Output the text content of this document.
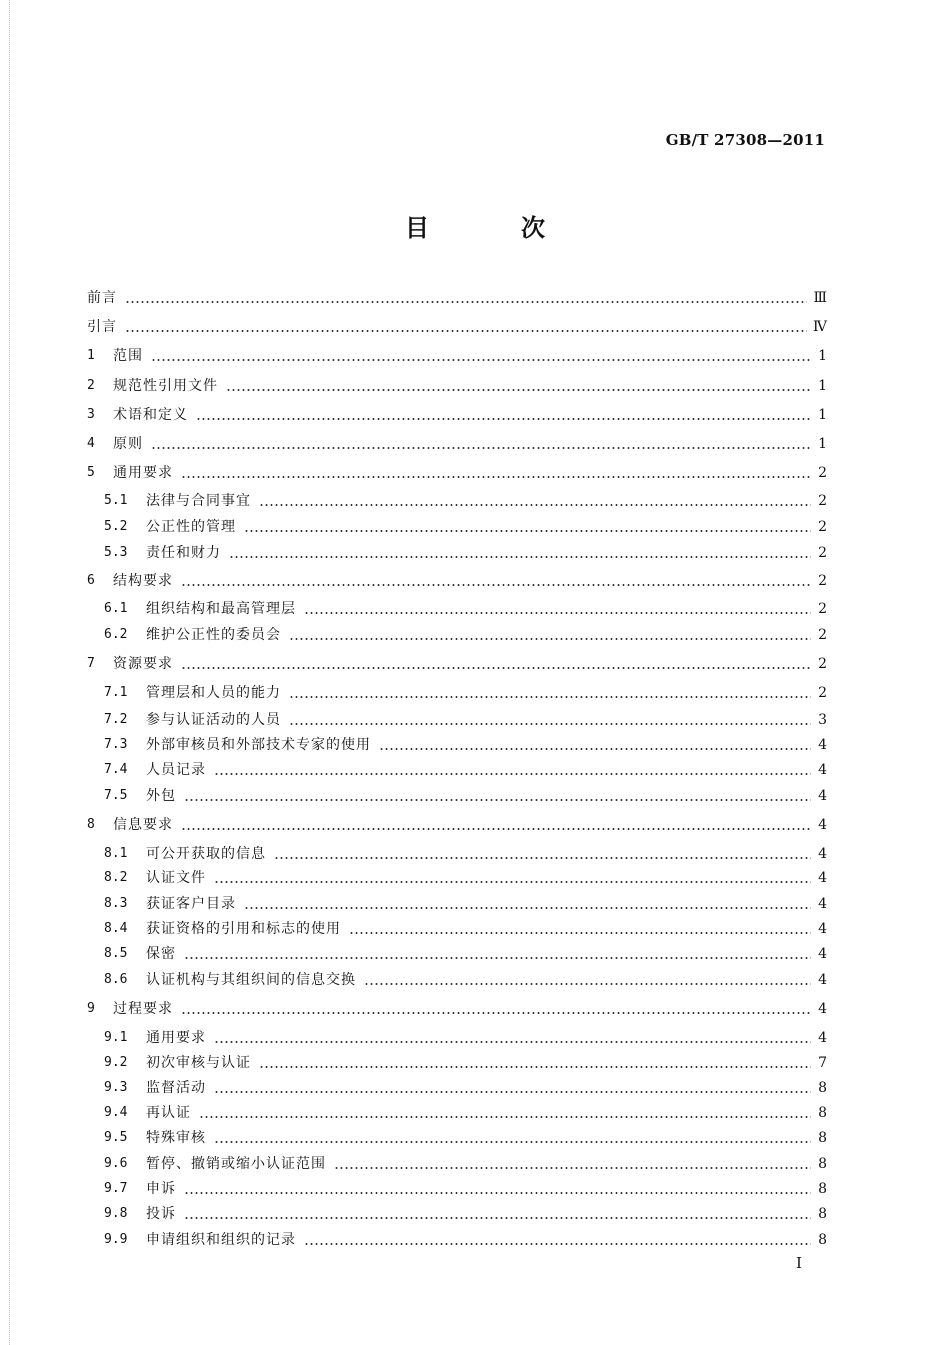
GB/T 27308—2011
目　次
前言	Ⅲ
引言	Ⅳ
1	范围	1
2	规范性引用文件	1
3	术语和定义	1
4	原则	1
5	通用要求	2
5.1	法律与合同事宜	2
5.2	公正性的管理	2
5.3	责任和财力	2
6	结构要求	2
6.1	组织结构和最高管理层	2
6.2	维护公正性的委员会	2
7	资源要求	2
7.1	管理层和人员的能力	2
7.2	参与认证活动的人员	3
7.3	外部审核员和外部技术专家的使用	4
7.4	人员记录	4
7.5	外包	4
8	信息要求	4
8.1	可公开获取的信息	4
8.2	认证文件	4
8.3	获证客户目录	4
8.4	获证资格的引用和标志的使用	4
8.5	保密	4
8.6	认证机构与其组织间的信息交换	4
9	过程要求	4
9.1	通用要求	4
9.2	初次审核与认证	7
9.3	监督活动	8
9.4	再认证	8
9.5	特殊审核	8
9.6	暂停、撤销或缩小认证范围	8
9.7	申诉	8
9.8	投诉	8
9.9	申请组织和组织的记录	8
I
